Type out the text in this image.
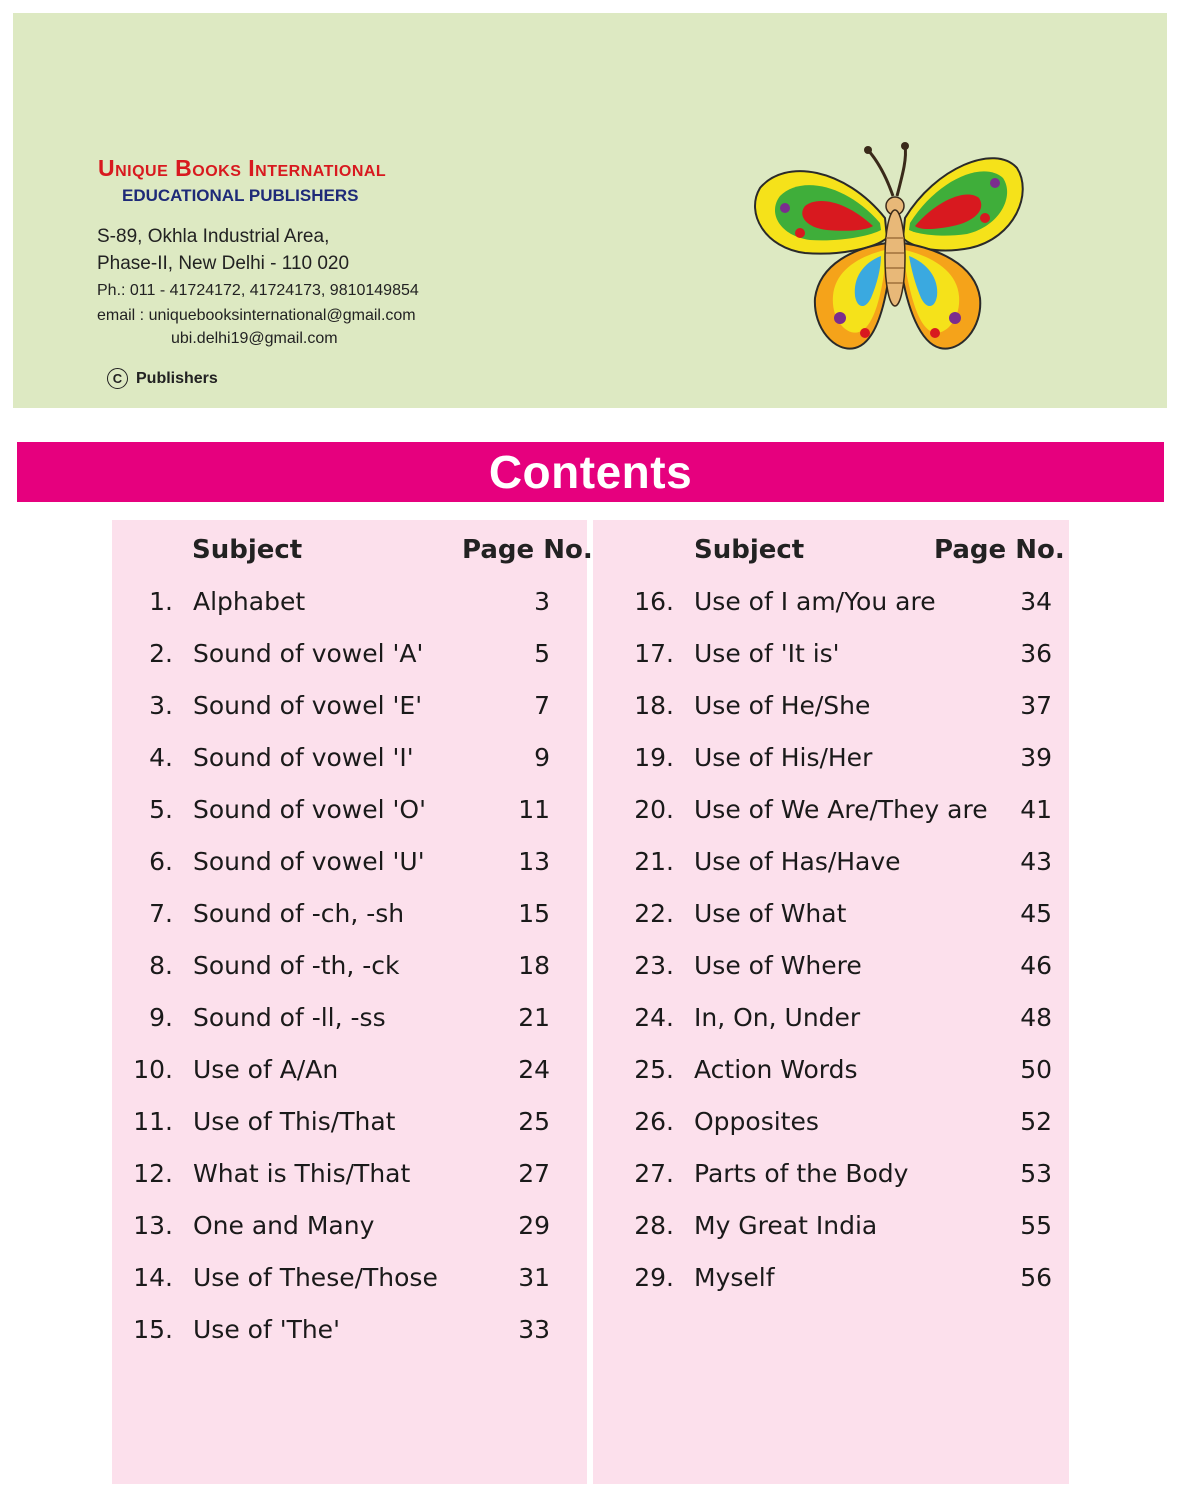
Unique Books International
EDUCATIONAL PUBLISHERS
S-89, Okhla Industrial Area,
Phase-II, New Delhi - 110 020
Ph.: 011 - 41724172, 41724173, 9810149854
email : uniquebooksinternational@gmail.com
ubi.delhi19@gmail.com
C Publishers
Contents
Subject	Page No.	Subject	Page No.
1. Alphabet	3
2. Sound of vowel 'A'	5
3. Sound of vowel 'E'	7
4. Sound of vowel 'I'	9
5. Sound of vowel 'O'	11
6. Sound of vowel 'U'	13
7. Sound of -ch, -sh	15
8. Sound of -th, -ck	18
9. Sound of -ll, -ss	21
10. Use of A/An	24
11. Use of This/That	25
12. What is This/That	27
13. One and Many	29
14. Use of These/Those	31
15. Use of 'The'	33
16. Use of I am/You are	34
17. Use of 'It is'	36
18. Use of He/She	37
19. Use of His/Her	39
20. Use of We Are/They are	41
21. Use of Has/Have	43
22. Use of What	45
23. Use of Where	46
24. In, On, Under	48
25. Action Words	50
26. Opposites	52
27. Parts of the Body	53
28. My Great India	55
29. Myself	56
